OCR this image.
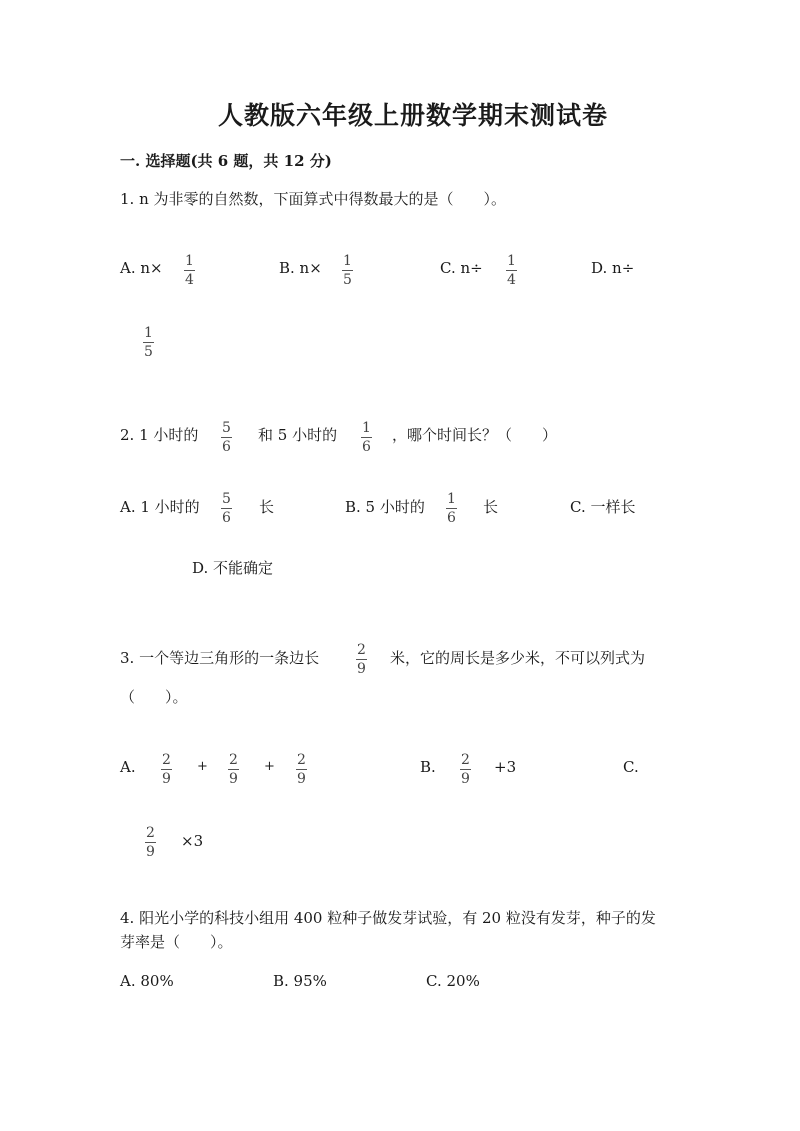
人教版六年级上册数学期末测试卷
一. 选择题(共 6 题，共 12 分)
1. n 为非零的自然数，下面算式中得数最大的是（　　）。
A. n× 1
4
B. n× 1
5
C. n÷ 1
4
D. n÷
1
5
2. 1 小时的 5
6
和 5 小时的 1
6
，哪个时间长？（　　）
A. 1 小时的 5
6
长	B. 5 小时的 1
6
长	C. 一样长
D. 不能确定
3. 一个等边三角形的一条边长	2
9
米，它的周长是多少米，不可以列式为
（　　）。
A. 2
9
+ 2
9
+ 2
9
B. 2
9
+3	C.
2
9
×3
4. 阳光小学的科技小组用 400 粒种子做发芽试验，有 20 粒没有发芽，种子的发
芽率是（　　）。
A. 80%	B. 95%	C. 20%
